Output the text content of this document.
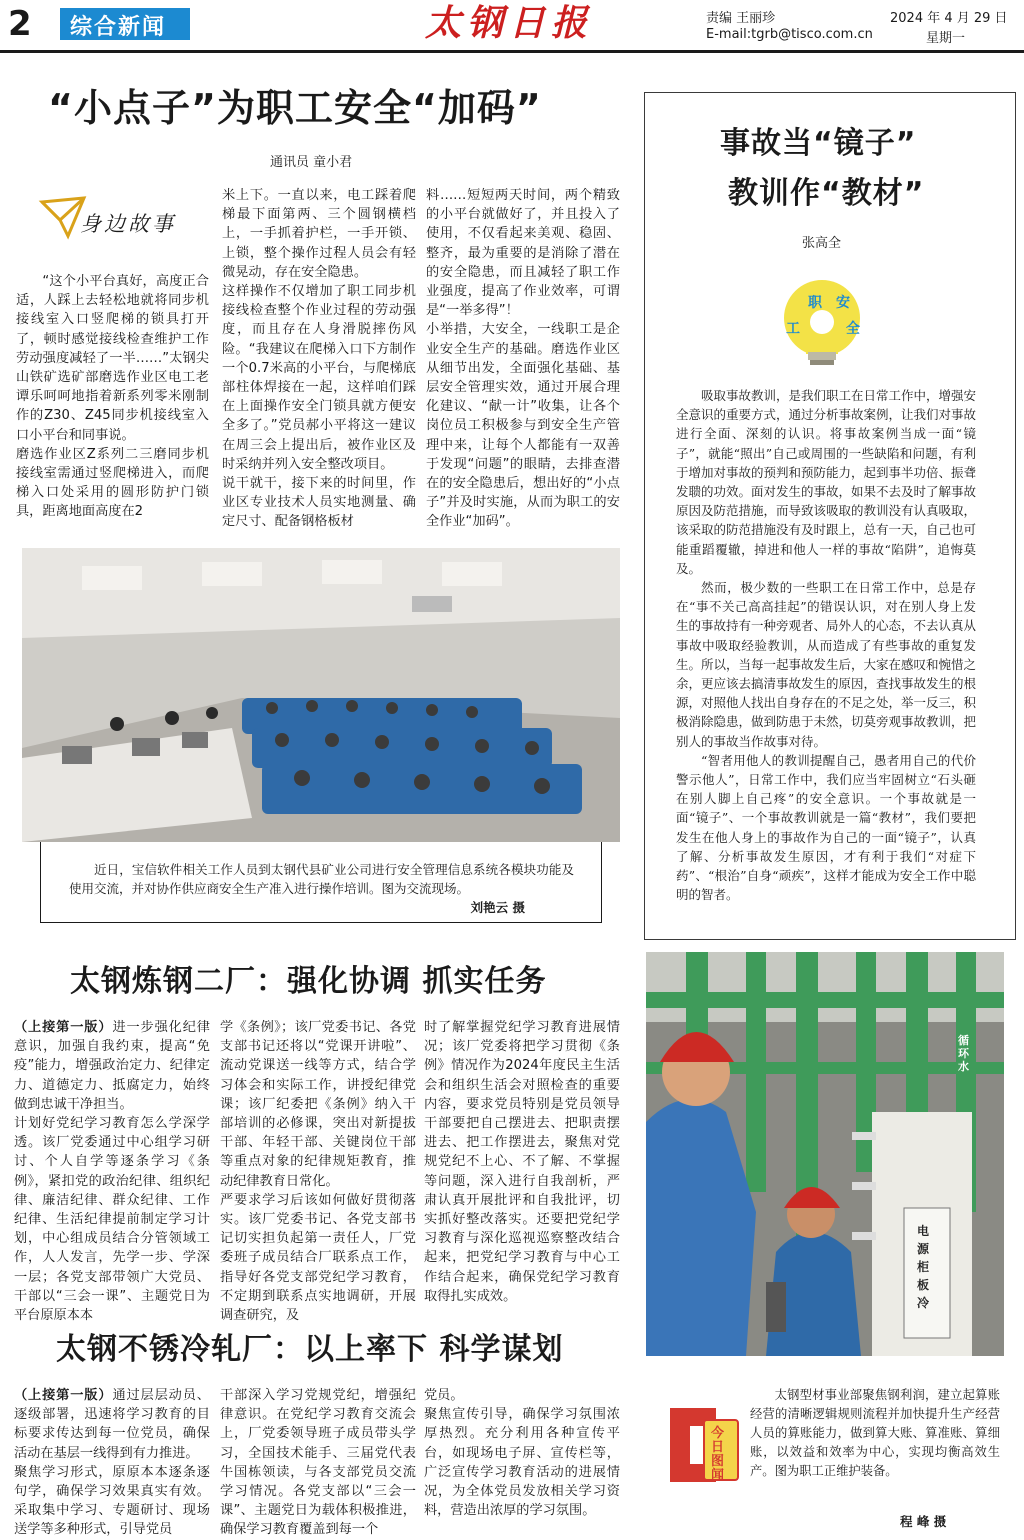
2 综合新闻	太钢日报	责编 王丽珍
E-mail:tgrb@tisco.com.cn
2024 年 4 月 29 日
星期一
“小点子”为职工安全“加码”
通讯员 童小君
身边故事

“这个小平台真好，高度正合适，人踩上去轻松地就将同步机接线室入口竖爬梯的锁具打开了，顿时感觉接线检查维护工作劳动强度减轻了一半……”太钢尖山铁矿选矿部磨选作业区电工老谭乐呵呵地指着新系列零米刚制作的Z30、Z45同步机接线室入口小平台和同事说。
磨选作业区Z系列二三磨同步机接线室需通过竖爬梯进入，而爬梯入口处采用的圆形防护门锁具，距离地面高度在2

米上下。一直以来，电工踩着爬梯最下面第两、三个圆钢横档上，一手抓着护栏，一手开锁、上锁，整个操作过程人员会有轻微晃动，存在安全隐患。
这样操作不仅增加了职工同步机接线检查整个作业过程的劳动强度，而且存在人身滑脱摔伤风险。“我建议在爬梯入口下方制作一个0.7米高的小平台，与爬梯底部柱体焊接在一起，这样咱们踩在上面操作安全门锁具就方便安全多了。”党员郝小平将这一建议在周三会上提出后，被作业区及时采纳并列入安全整改项目。
说干就干，接下来的时间里，作业区专业技术人员实地测量、确定尺寸、配备钢格板材

料……短短两天时间，两个精致的小平台就做好了，并且投入了使用，不仅看起来美观、稳固、整齐，最为重要的是消除了潜在的安全隐患，而且减轻了职工作业强度，提高了作业效率，可谓是“一举多得”！
小举措，大安全，一线职工是企业安全生产的基础。磨选作业区从细节出发，全面强化基础、基层安全管理实效，通过开展合理化建议、“献一计”收集，让各个岗位员工积极参与到安全生产管理中来，让每个人都能有一双善于发现“问题”的眼睛，去排查潜在的安全隐患后，想出好的“小点子”并及时实施，从而为职工的安全作业“加码”。

近日，宝信软件相关工作人员到太钢代县矿业公司进行安全管理信息系统各模块功能及使用交流，并对协作供应商安全生产准入进行操作培训。图为交流现场。
刘艳云 摄
事故当“镜子”
教训作“教材”
张高全
职
工
安
全

吸取事故教训，是我们职工在日常工作中，增强安全意识的重要方式，通过分析事故案例，让我们对事故进行全面、深刻的认识。将事故案例当成一面“镜子”，就能“照出”自己或周围的一些缺陷和问题，有利于增加对事故的预判和预防能力，起到事半功倍、振聋发聩的功效。面对发生的事故，如果不去及时了解事故原因及防范措施，而导致该吸取的教训没有认真吸取，该采取的防范措施没有及时跟上，总有一天，自己也可能重蹈覆辙，掉进和他人一样的事故“陷阱”，追悔莫及。

然而，极少数的一些职工在日常工作中，总是存在“事不关己高高挂起”的错误认识，对在别人身上发生的事故持有一种旁观者、局外人的心态，不去认真从事故中吸取经验教训，从而造成了有些事故的重复发生。所以，当每一起事故发生后，大家在感叹和惋惜之余，更应该去搞清事故发生的原因，查找事故发生的根源，对照他人找出自身存在的不足之处，举一反三，积极消除隐患，做到防患于未然，切莫旁观事故教训，把别人的事故当作故事对待。

“智者用他人的教训提醒自己，愚者用自己的代价警示他人”，日常工作中，我们应当牢固树立“石头砸在别人脚上自己疼”的安全意识。一个事故就是一面“镜子”、一个事故教训就是一篇“教材”，我们要把发生在他人身上的事故作为自己的一面“镜子”，认真了解、分析事故发生原因，才有利于我们“对症下药”、“根治”自身“顽疾”，这样才能成为安全工作中聪明的智者。

太钢炼钢二厂：强化协调 抓实任务

（上接第一版）进一步强化纪律意识，加强自我约束，提高“免疫”能力，增强政治定力、纪律定力、道德定力、抵腐定力，始终做到忠诚干净担当。
计划好党纪学习教育怎么学深学透。该厂党委通过中心组学习研讨、个人自学等逐条学习《条例》，紧扣党的政治纪律、组织纪律、廉洁纪律、群众纪律、工作纪律、生活纪律提前制定学习计划，中心组成员结合分管领域工作，人人发言，先学一步、学深一层；各党支部带领广大党员、干部以“三会一课”、主题党日为平台原原本本

学《条例》；该厂党委书记、各党支部书记还将以“党课开讲啦”、流动党课送一线等方式，结合学习体会和实际工作，讲授纪律党课；该厂纪委把《条例》纳入干部培训的必修课，突出对新提拔干部、年轻干部、关键岗位干部等重点对象的纪律规矩教育，推动纪律教育日常化。
严要求学习后该如何做好贯彻落实。该厂党委书记、各党支部书记切实担负起第一责任人，厂党委班子成员结合厂联系点工作，指导好各党支部党纪学习教育，不定期到联系点实地调研，开展调查研究，及

时了解掌握党纪学习教育进展情况；该厂党委将把学习贯彻《条例》情况作为2024年度民主生活会和组织生活会对照检查的重要内容，要求党员特别是党员领导干部要把自己摆进去、把职责摆进去、把工作摆进去，聚焦对党规党纪不上心、不了解、不掌握等问题，深入进行自我剖析，严肃认真开展批评和自我批评，切实抓好整改落实。还要把党纪学习教育与深化巡视巡察整改结合起来，把党纪学习教育与中心工作结合起来，确保党纪学习教育取得扎实成效。

太钢不锈冷轧厂：以上率下 科学谋划

（上接第一版）通过层层动员、逐级部署，迅速将学习教育的目标要求传达到每一位党员，确保活动在基层一线得到有力推进。
聚焦学习形式，原原本本逐条逐句学，确保学习效果真实有效。采取集中学习、专题研讨、现场送学等多种形式，引导党员

干部深入学习党规党纪，增强纪律意识。在党纪学习教育交流会上，厂党委领导班子成员带头学习，全国技术能手、三届党代表牛国栋领读，与各支部党员交流学习情况。各党支部以“三会一课”、主题党日为载体积极推进，确保学习教育覆盖到每一个

党员。
聚焦宣传引导，确保学习氛围浓厚热烈。充分利用各种宣传平台，如现场电子屏、宣传栏等，广泛宣传学习教育活动的进展情况，为全体党员发放相关学习资料，营造出浓厚的学习氛围。

循环水
电源柜板冷
今
日
图
闻
太钢型材事业部聚焦钢利润，建立起算账经营的清晰逻辑规则流程并加快提升生产经营人员的算账能力，做到算大账、算准账、算细账，以效益和效率为中心，实现均衡高效生产。图为职工正维护装备。
程 峰 摄
